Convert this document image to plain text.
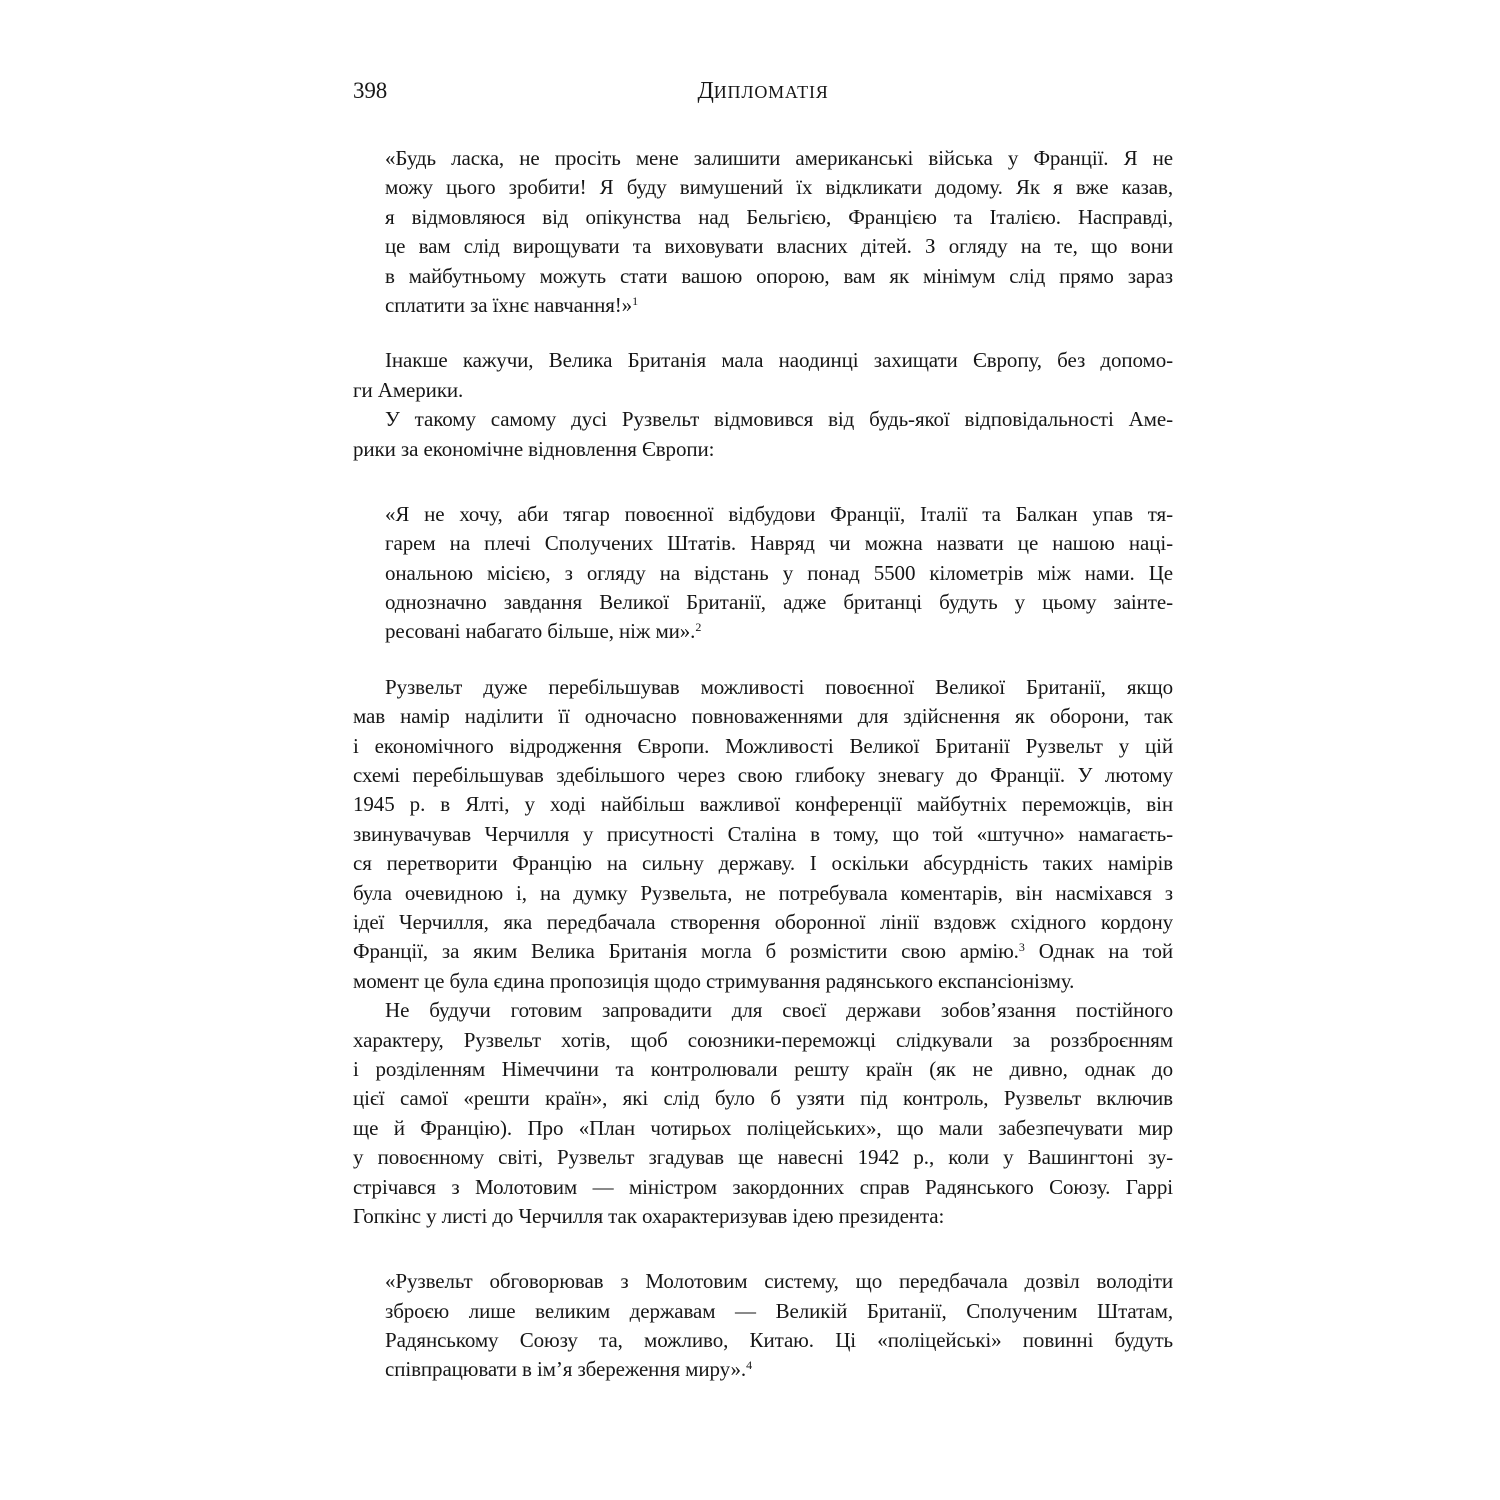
398	ДИПЛОМАТІЯ
«Будь ласка, не просіть мене залишити американські війська у Франції. Я не
можу цього зробити! Я буду вимушений їх відкликати додому. Як я вже казав,
я відмовляюся від опікунства над Бельгією, Францією та Італією. Насправді,
це вам слід вирощувати та виховувати власних дітей. З огляду на те, що вони
в майбутньому можуть стати вашою опорою, вам як мінімум слід прямо зараз
сплатити за їхнє навчання!»$^1$
Інакше кажучи, Велика Британія мала наодинці захищати Європу, без допомо-
ги Америки.
У такому самому дусі Рузвельт відмовився від будь-якої відповідальності Аме-
рики за економічне відновлення Європи:
«Я не хочу, аби тягар повоєнної відбудови Франції, Італії та Балкан упав тя-
гарем на плечі Сполучених Штатів. Навряд чи можна назвати це нашою наці-
ональною місією, з огляду на відстань у понад 5500 кілометрів між нами. Це
однозначно завдання Великої Британії, адже британці будуть у цьому заінте-
ресовані набагато більше, ніж ми».$^2$
Рузвельт дуже перебільшував можливості повоєнної Великої Британії, якщо
мав намір наділити її одночасно повноваженнями для здійснення як оборони, так
і економічного відродження Європи. Можливості Великої Британії Рузвельт у цій
схемі перебільшував здебільшого через свою глибоку зневагу до Франції. У лютому
1945 р. в Ялті, у ході найбільш важливої конференції майбутніх переможців, він
звинувачував Черчилля у присутності Сталіна в тому, що той «штучно» намагаєть-
ся перетворити Францію на сильну державу. І оскільки абсурдність таких намірів
була очевидною і, на думку Рузвельта, не потребувала коментарів, він насміхався з
ідеї Черчилля, яка передбачала створення оборонної лінії вздовж східного кордону
Франції, за яким Велика Британія могла б розмістити свою армію.$^3$ Однак на той
момент це була єдина пропозиція щодо стримування радянського експансіонізму.
Не будучи готовим запровадити для своєї держави зобов’язання постійного
характеру, Рузвельт хотів, щоб союзники-переможці слідкували за роззброєнням
і розділенням Німеччини та контролювали решту країн (як не дивно, однак до
цієї самої «решти країн», які слід було б узяти під контроль, Рузвельт включив
ще й Францію). Про «План чотирьох поліцейських», що мали забезпечувати мир
у повоєнному світі, Рузвельт згадував ще навесні 1942 р., коли у Вашингтоні зу-
стрічався з Молотовим — міністром закордонних справ Радянського Союзу. Гаррі
Гопкінс у листі до Черчилля так охарактеризував ідею президента:
«Рузвельт обговорював з Молотовим систему, що передбачала дозвіл володіти
зброєю лише великим державам — Великій Британії, Сполученим Штатам,
Радянському Союзу та, можливо, Китаю. Ці «поліцейські» повинні будуть
співпрацювати в ім’я збереження миру».$^4$
